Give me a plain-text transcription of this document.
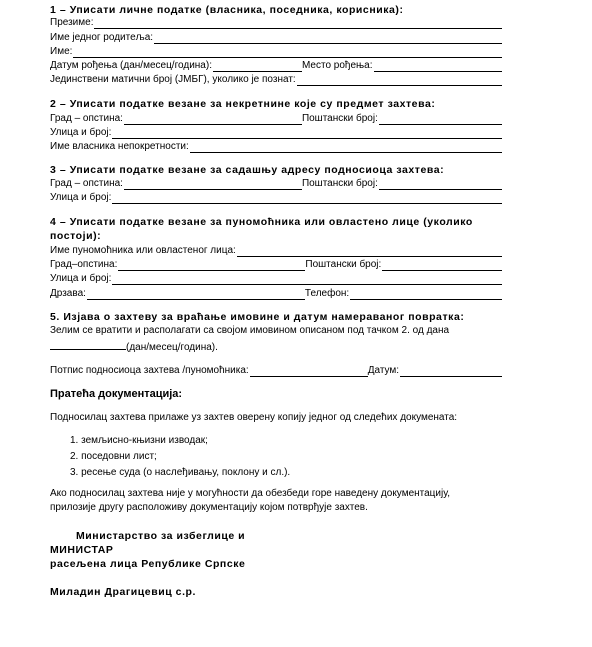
1 – Уписати личне податке (власника, поседника, корисника):
Презиме:
Име једног родитеља:
Име:
Датум рођења (дан/месец/година):	Место рођења:
Јединствени матични број (ЈМБГ), уколико је познат:
2 – Уписати податке везане за некретнине које су предмет захтева:
Град – опстина:	Поштански број:
Улица и број:
Име власника непокретности:
3 – Уписати податке везане за садашњу адресу подносиоца захтева:
Град – опстина:	Поштански број:
Улица и број:
4 – Уписати податке везане за пуномоћника или овластено лице (уколико
постоји):
Име пуномоћника или овластеног лица:
Град–опстина:	Поштански број:
Улица и број:
Дрзава:	Телефон:
5. Изјава о захтеву за враћање имовине и датум намераваног повратка:
Зелим се вратити и располагати са својом имовином описаном под тачком 2. од дана
(дан/месец/година).
Потпис подносиоца захтева /пуномоћника:	Датум:
Пратећа документација:
Подносилац захтева прилаже уз захтев оверену копију једног од следећих докумената:
1. земљисно-књизни изводак;
2. поседовни лист;
3. ресење суда (о наслеђивању, поклону и сл.).
Ако подносилац захтева није у могућности да обезбеди горе наведену документацију,
прилозије другу расположиву документацију којом потврђује захтев.
Министарство за избеглице и
МИНИСТАР
расељена лица Републике Српске
Миладин Драгицевиц с.р.
